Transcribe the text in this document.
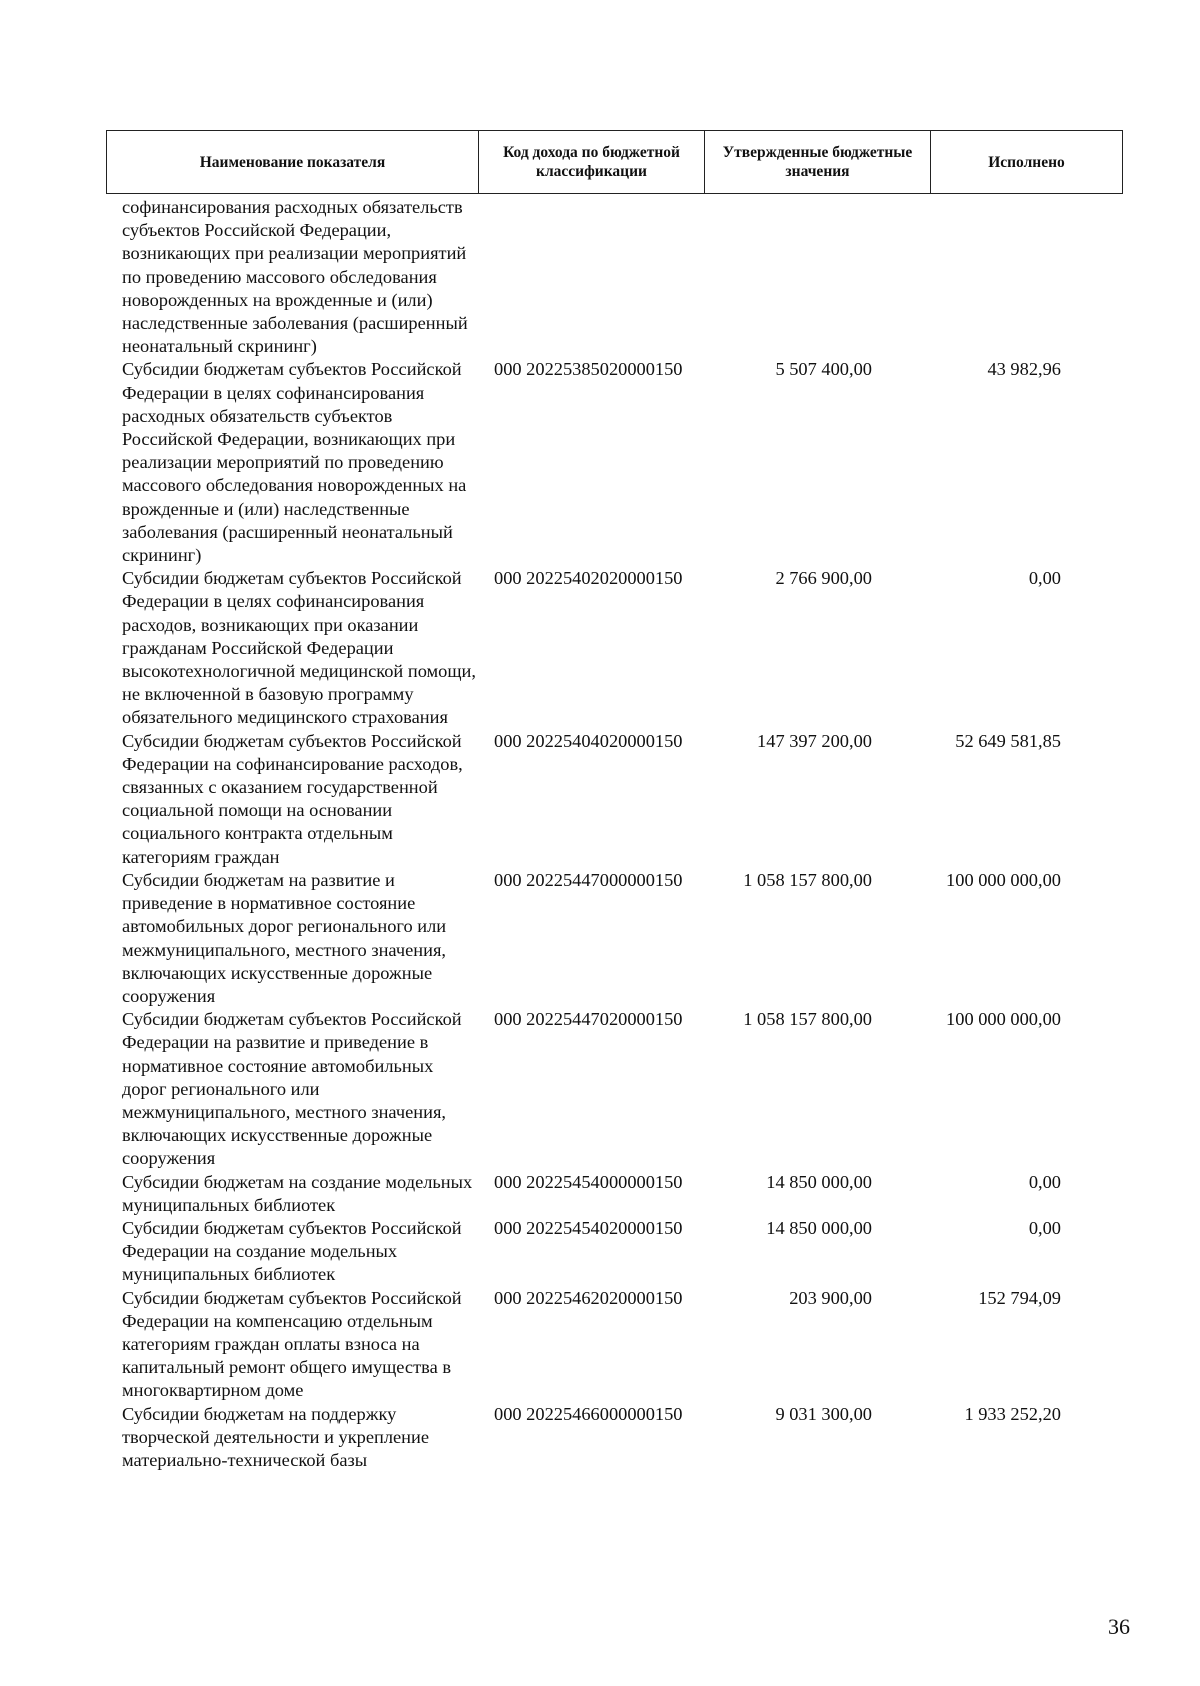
Наименование показателя	Код дохода по бюджетной классификации	Утвержденные бюджетные значения	Исполнено
софинансирования расходных обязательств субъектов Российской Федерации, возникающих при реализации мероприятий по проведению массового обследования новорожденных на врожденные и (или) наследственные заболевания (расширенный неонатальный скрининг)
Субсидии бюджетам субъектов Российской Федерации в целях софинансирования расходных обязательств субъектов Российской Федерации, возникающих при реализации мероприятий по проведению массового обследования новорожденных на врожденные и (или) наследственные заболевания (расширенный неонатальный скрининг)
000 20225385020000150	5 507 400,00	43 982,96
Субсидии бюджетам субъектов Российской Федерации в целях софинансирования расходов, возникающих при оказании гражданам Российской Федерации высокотехнологичной медицинской помощи, не включенной в базовую программу обязательного медицинского страхования
000 20225402020000150	2 766 900,00	0,00
Субсидии бюджетам субъектов Российской Федерации на софинансирование расходов, связанных с оказанием государственной социальной помощи на основании социального контракта отдельным категориям граждан
000 20225404020000150	147 397 200,00	52 649 581,85
Субсидии бюджетам на развитие и приведение в нормативное состояние автомобильных дорог регионального или межмуниципального, местного значения, включающих искусственные дорожные сооружения
000 20225447000000150	1 058 157 800,00	100 000 000,00
Субсидии бюджетам субъектов Российской Федерации на развитие и приведение в нормативное состояние автомобильных дорог регионального или межмуниципального, местного значения, включающих искусственные дорожные сооружения
000 20225447020000150	1 058 157 800,00	100 000 000,00
Субсидии бюджетам на создание модельных муниципальных библиотек
000 20225454000000150	14 850 000,00	0,00
Субсидии бюджетам субъектов Российской Федерации на создание модельных муниципальных библиотек
000 20225454020000150	14 850 000,00	0,00
Субсидии бюджетам субъектов Российской Федерации на компенсацию отдельным категориям граждан оплаты взноса на капитальный ремонт общего имущества в многоквартирном доме
000 20225462020000150	203 900,00	152 794,09
Субсидии бюджетам на поддержку творческой деятельности и укрепление материально-технической базы
000 20225466000000150	9 031 300,00	1 933 252,20
36
